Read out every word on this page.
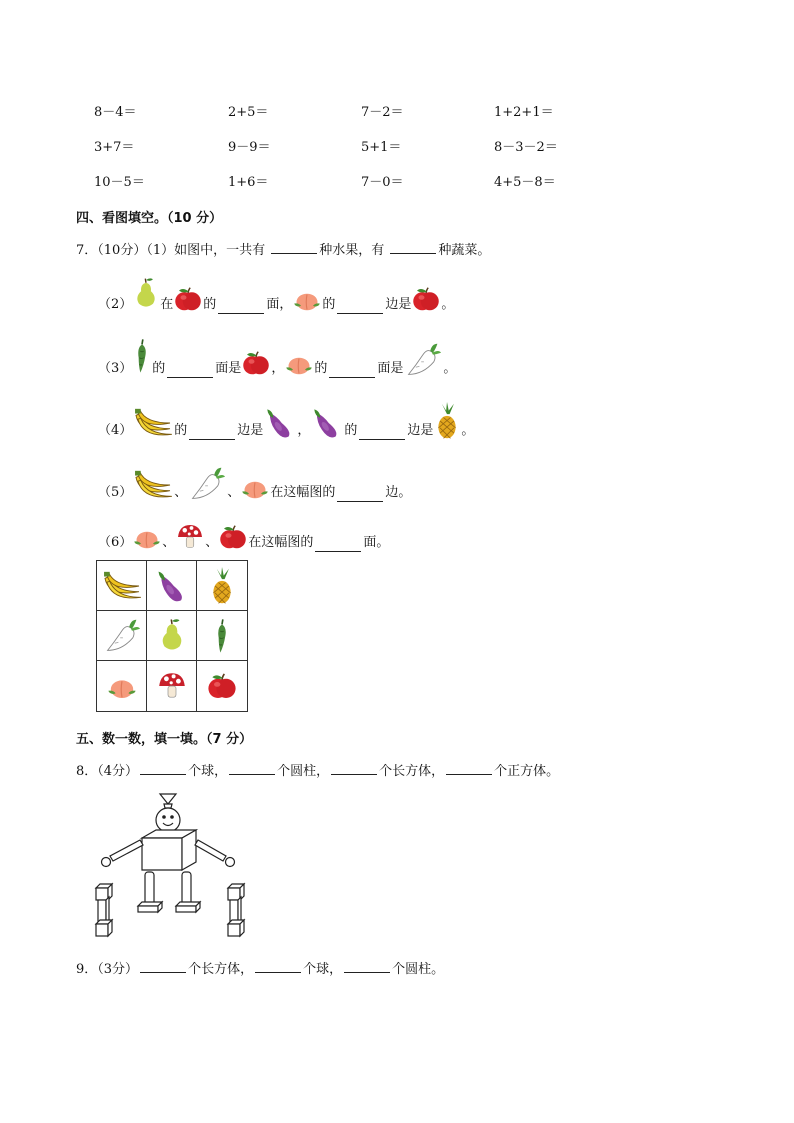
8－4＝	2+5＝	7－2＝	1+2+1＝
3+7＝	9－9＝	5+1＝	8－3－2＝
10－5＝	1+6＝	7－0＝	4+5－8＝
四、看图填空。（10 分）
7．（10分）（1）如图中，一共有	种水果，有	种蔬菜。
（2） 在 的	面， 的	边是 。
（3） 的	面是 ， 的	面是	。
（4）	的	边是	，	的	边是 。
（5）	、	、 在这幅图的	边。
（6） 、 、 在这幅图的	面。
五、数一数，填一填。（7 分）
8．（4分）	个球，	个圆柱，	个长方体，	个正方体。
9．（3分）	个长方体，	个球，	个圆柱。
